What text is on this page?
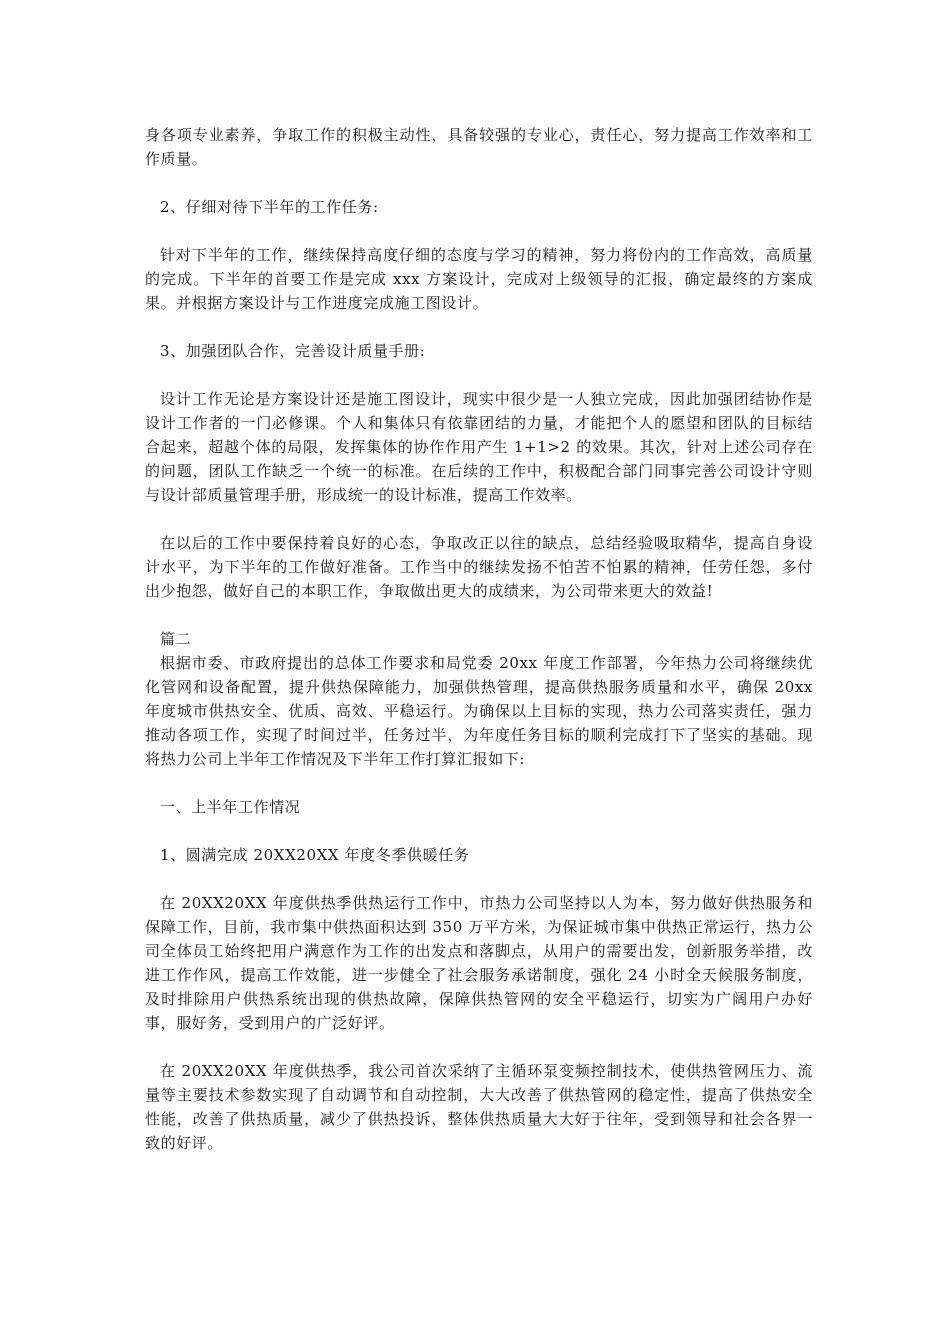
身各项专业素养，争取工作的积极主动性，具备较强的专业心，责任心，努力提高工作效率和工作质量。

2、仔细对待下半年的工作任务:

针对下半年的工作，继续保持高度仔细的态度与学习的精神，努力将份内的工作高效，高质量的完成。下半年的首要工作是完成 xxx 方案设计，完成对上级领导的汇报，确定最终的方案成果。并根据方案设计与工作进度完成施工图设计。

3、加强团队合作，完善设计质量手册:

设计工作无论是方案设计还是施工图设计，现实中很少是一人独立完成，因此加强团结协作是设计工作者的一门必修课。个人和集体只有依靠团结的力量，才能把个人的愿望和团队的目标结合起来，超越个体的局限，发挥集体的协作作用产生 1+1>2 的效果。其次，针对上述公司存在的问题，团队工作缺乏一个统一的标准。在后续的工作中，积极配合部门同事完善公司设计守则与设计部质量管理手册，形成统一的设计标准，提高工作效率。

在以后的工作中要保持着良好的心态，争取改正以往的缺点，总结经验吸取精华，提高自身设计水平，为下半年的工作做好准备。工作当中的继续发扬不怕苦不怕累的精神，任劳任怨，多付出少抱怨，做好自己的本职工作，争取做出更大的成绩来，为公司带来更大的效益!

篇二

根据市委、市政府提出的总体工作要求和局党委 20xx 年度工作部署，今年热力公司将继续优化管网和设备配置，提升供热保障能力，加强供热管理，提高供热服务质量和水平，确保 20xx 年度城市供热安全、优质、高效、平稳运行。为确保以上目标的实现，热力公司落实责任，强力推动各项工作，实现了时间过半，任务过半，为年度任务目标的顺利完成打下了坚实的基础。现将热力公司上半年工作情况及下半年工作打算汇报如下:

一、上半年工作情况

1、圆满完成 20XX20XX 年度冬季供暖任务

在 20XX20XX 年度供热季供热运行工作中，市热力公司坚持以人为本，努力做好供热服务和保障工作，目前，我市集中供热面积达到 350 万平方米，为保证城市集中供热正常运行，热力公司全体员工始终把用户满意作为工作的出发点和落脚点，从用户的需要出发，创新服务举措，改进工作作风，提高工作效能，进一步健全了社会服务承诺制度，强化 24 小时全天候服务制度，及时排除用户供热系统出现的供热故障，保障供热管网的安全平稳运行，切实为广阔用户办好事，服好务，受到用户的广泛好评。

在 20XX20XX 年度供热季，我公司首次采纳了主循环泵变频控制技术，使供热管网压力、流量等主要技术参数实现了自动调节和自动控制，大大改善了供热管网的稳定性，提高了供热安全性能，改善了供热质量，减少了供热投诉，整体供热质量大大好于往年，受到领导和社会各界一致的好评。
